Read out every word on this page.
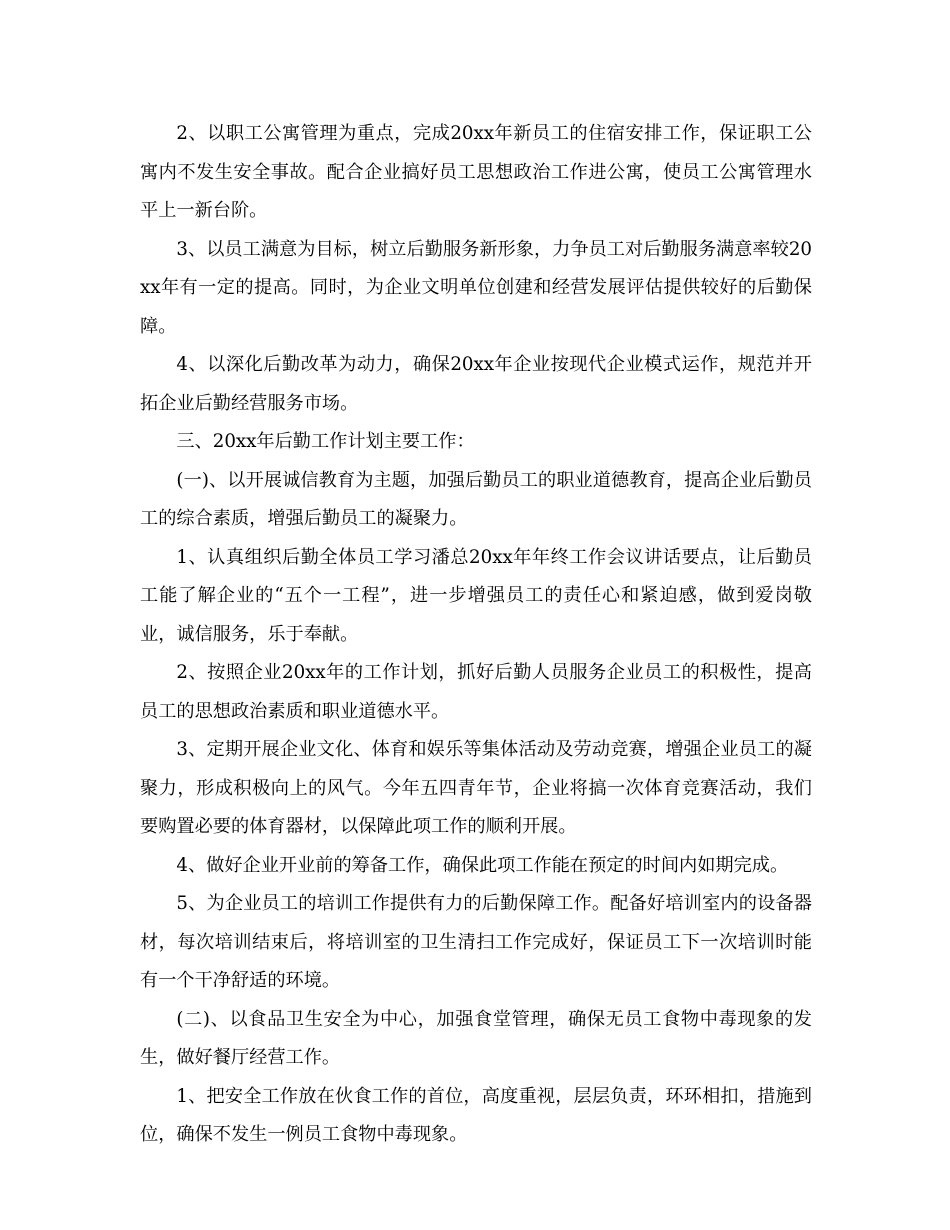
2、以职工公寓管理为重点，完成20xx年新员工的住宿安排工作，保证职工公寓内不发生安全事故。配合企业搞好员工思想政治工作进公寓，使员工公寓管理水平上一新台阶。

3、以员工满意为目标，树立后勤服务新形象，力争员工对后勤服务满意率较20xx年有一定的提高。同时，为企业文明单位创建和经营发展评估提供较好的后勤保障。

4、以深化后勤改革为动力，确保20xx年企业按现代企业模式运作，规范并开拓企业后勤经营服务市场。

三、20xx年后勤工作计划主要工作：

(一)、以开展诚信教育为主题，加强后勤员工的职业道德教育，提高企业后勤员工的综合素质，增强后勤员工的凝聚力。

1、认真组织后勤全体员工学习潘总20xx年年终工作会议讲话要点，让后勤员工能了解企业的“五个一工程”，进一步增强员工的责任心和紧迫感，做到爱岗敬业，诚信服务，乐于奉献。

2、按照企业20xx年的工作计划，抓好后勤人员服务企业员工的积极性，提高员工的思想政治素质和职业道德水平。

3、定期开展企业文化、体育和娱乐等集体活动及劳动竞赛，增强企业员工的凝聚力，形成积极向上的风气。今年五四青年节，企业将搞一次体育竞赛活动，我们要购置必要的体育器材，以保障此项工作的顺利开展。

4、做好企业开业前的筹备工作，确保此项工作能在预定的时间内如期完成。

5、为企业员工的培训工作提供有力的后勤保障工作。配备好培训室内的设备器材，每次培训结束后，将培训室的卫生清扫工作完成好，保证员工下一次培训时能有一个干净舒适的环境。

(二)、以食品卫生安全为中心，加强食堂管理，确保无员工食物中毒现象的发生，做好餐厅经营工作。

1、把安全工作放在伙食工作的首位，高度重视，层层负责，环环相扣，措施到位，确保不发生一例员工食物中毒现象。
